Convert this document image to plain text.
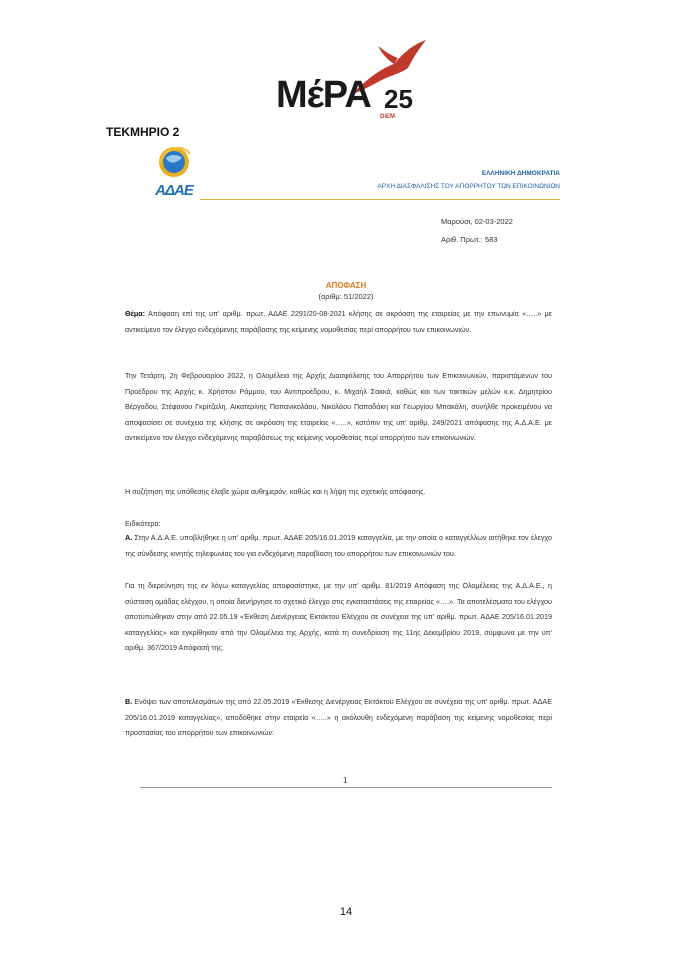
ΜέΡΑ 25
DiEM
ΤΕΚΜΗΡΙΟ 2
ΑΔΑΕ
ΕΛΛΗΝΙΚΗ ΔΗΜΟΚΡΑΤΙΑ
ΑΡΧΗ ΔΙΑΣΦΑΛΙΣΗΣ ΤΟΥ ΑΠΟΡΡΗΤΟΥ ΤΩΝ ΕΠΙΚΟΙΝΩΝΙΩΝ
Μαρούσι, 02-03-2022
Αριθ. Πρωτ.: 583
ΑΠΟΦΑΣΗ
(αριθμ: 51/2022)
Θέμα: Απόφαση επί της υπ' αριθμ. πρωτ. ΑΔΑΕ 2291/20-08-2021 κλήσης σε ακρόαση της εταιρείας με την επωνυμία «…..» με αντικείμενο τον έλεγχο ενδεχόμενης παράβασης της κείμενης νομοθεσίας περί απορρήτου των επικοινωνιών.
Την Τετάρτη, 2η Φεβρουαρίου 2022, η Ολομέλεια της Αρχής Διασφάλισης του Απορρήτου των Επικοινωνιών, παριστάμενων του Προέδρου της Αρχής κ. Χρήστου Ράμμου, του Αντιπροέδρου, κ. Μιχαήλ Σακκά, καθώς και των τακτικών μελών κ.κ. Δημητρίου Βέργαδου, Στέφανου Γκρίτζαλη, Αικατερίνης Παπανικολάου, Νικολάου Παπαδάκη και Γεωργίου Μπακάλη, συνήλθε προκειμένου να αποφασίσει σε συνέχεια της κλήσης σε ακρόαση της εταιρείας «…..», κατόπιν της υπ' αριθμ. 249/2021 απόφασης της Α.Δ.Α.Ε. με αντικείμενο τον έλεγχο ενδεχόμενης παραβάσεως της κείμενης νομοθεσίας περί απορρήτου των επικοινωνιών.
Η συζήτηση της υπόθεσης έλαβε χώρα αυθημερόν, καθώς και η λήψη της σχετικής απόφασης.
Ειδικότερα:
Α. Στην Α.Δ.Α.Ε. υποβλήθηκε η υπ' αριθμ. πρωτ. ΑΔΑΕ 205/16.01.2019 καταγγελία, με την οποία ο καταγγέλλων αιτήθηκε τον έλεγχο της σύνδεσης κινητής τηλεφωνίας του για ενδεχόμενη παραβίαση του απορρήτου των επικοινωνιών του.
Για τη διερεύνηση της εν λόγω καταγγελίας αποφασίστηκε, με την υπ' αριθμ. 81/2019 Απόφαση της Ολομέλειας της Α.Δ.Α.Ε., η σύσταση ομάδας ελέγχου, η οποία διενήργησε το σχετικό έλεγχο στις εγκαταστάσεις της εταιρείας «….». Τα αποτελέσματα του ελέγχου αποτυπώθηκαν στην από 22.05.19 «Έκθεση Διενέργειας Εκτάκτου Ελέγχου σε συνέχεια της υπ' αριθμ. πρωτ. ΑΔΑΕ 205/16.01.2019 καταγγελίας» και εγκρίθηκαν από την Ολομέλεια της Αρχής, κατά τη συνεδρίαση της 11ης Δεκεμβρίου 2019, σύμφωνα με την υπ' αριθμ. 367/2019 Απόφασή της.
Β. Ενόψει των αποτελεσμάτων της από 22.05.2019 «Έκθεσης Διενέργειας Εκτάκτου Ελέγχου σε συνέχεια της υπ' αριθμ. πρωτ. ΑΔΑΕ 205/16.01.2019 καταγγελίας», αποδόθηκε στην εταιρεία «…..» η ακόλουθη ενδεχόμενη παράβαση της κείμενης νομοθεσίας περί προστασίας του απορρήτου των επικοινωνιών:
1
14
